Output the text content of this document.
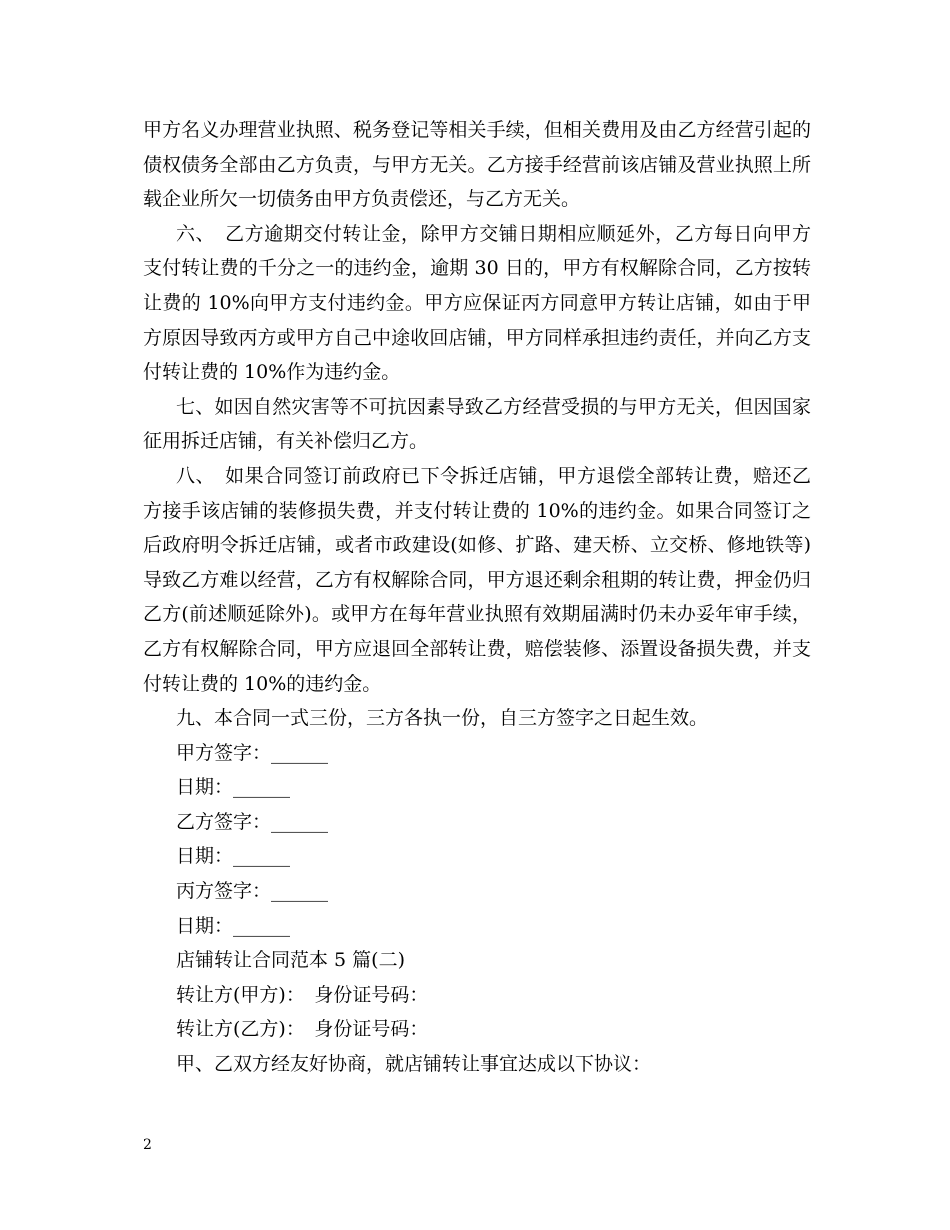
甲方名义办理营业执照、税务登记等相关手续，但相关费用及由乙方经营引起的债权债务全部由乙方负责，与甲方无关。乙方接手经营前该店铺及营业执照上所载企业所欠一切债务由甲方负责偿还，与乙方无关。

六、　乙方逾期交付转让金，除甲方交铺日期相应顺延外，乙方每日向甲方支付转让费的千分之一的违约金，逾期 30 日的，甲方有权解除合同，乙方按转让费的 10%向甲方支付违约金。甲方应保证丙方同意甲方转让店铺，如由于甲方原因导致丙方或甲方自己中途收回店铺，甲方同样承担违约责任，并向乙方支付转让费的 10%作为违约金。

七、如因自然灾害等不可抗因素导致乙方经营受损的与甲方无关，但因国家征用拆迁店铺，有关补偿归乙方。

八、　如果合同签订前政府已下令拆迁店铺，甲方退偿全部转让费，赔还乙方接手该店铺的装修损失费，并支付转让费的 10%的违约金。如果合同签订之后政府明令拆迁店铺，或者市政建设(如修、扩路、建天桥、立交桥、修地铁等)导致乙方难以经营，乙方有权解除合同，甲方退还剩余租期的转让费，押金仍归乙方(前述顺延除外)。或甲方在每年营业执照有效期届满时仍未办妥年审手续，乙方有权解除合同，甲方应退回全部转让费，赔偿装修、添置设备损失费，并支付转让费的 10%的违约金。

九、本合同一式三份，三方各执一份，自三方签字之日起生效。

甲方签字：______

日期：______

乙方签字：______

日期：______

丙方签字：______

日期：______

店铺转让合同范本 5 篇(二)

转让方(甲方)：　身份证号码：

转让方(乙方)：　身份证号码：

甲、乙双方经友好协商，就店铺转让事宜达成以下协议：

2
